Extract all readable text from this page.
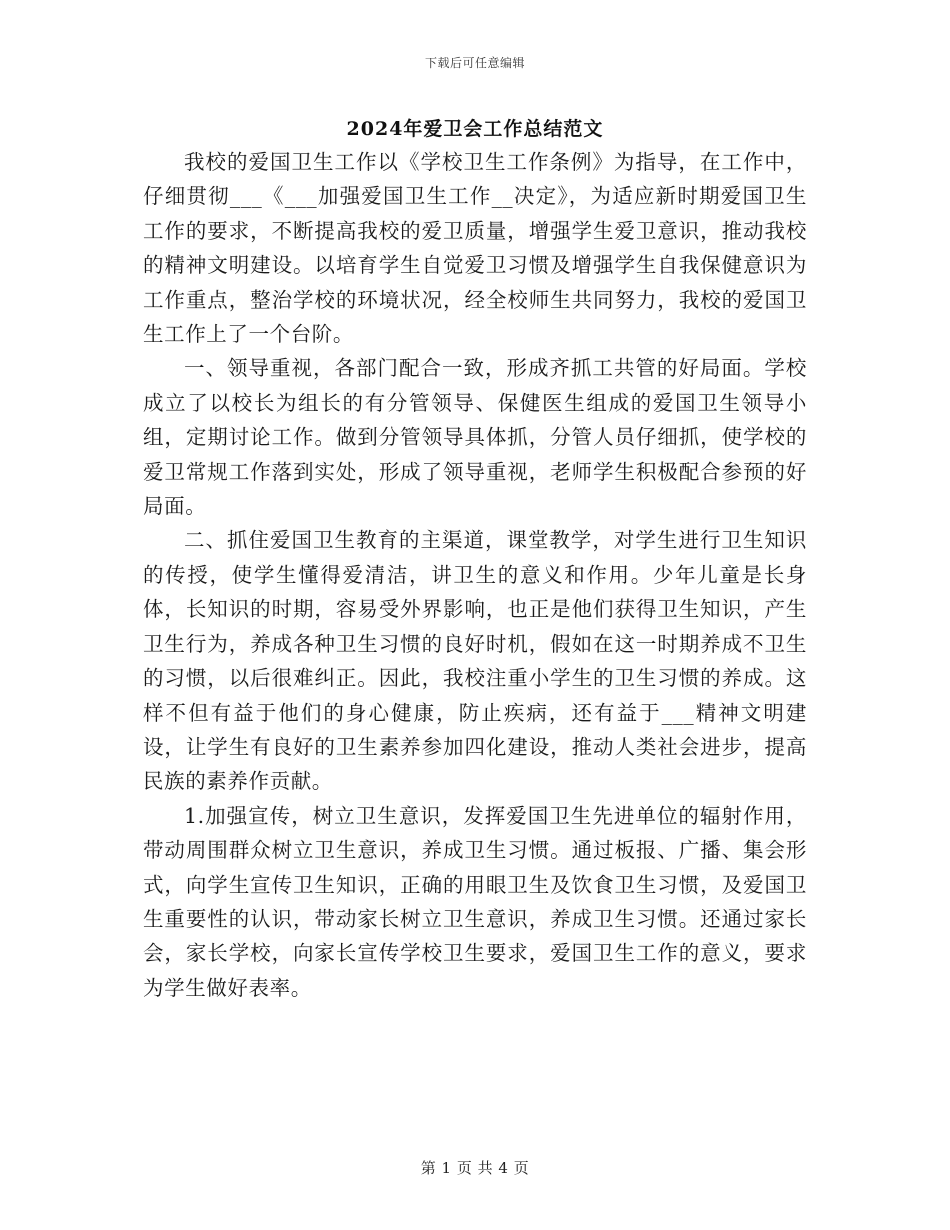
下载后可任意编辑
2024年爱卫会工作总结范文

我校的爱国卫生工作以《学校卫生工作条例》为指导，在工作中，仔细贯彻___《___加强爱国卫生工作__决定》，为适应新时期爱国卫生工作的要求，不断提高我校的爱卫质量，增强学生爱卫意识，推动我校的精神文明建设。以培育学生自觉爱卫习惯及增强学生自我保健意识为工作重点，整治学校的环境状况，经全校师生共同努力，我校的爱国卫生工作上了一个台阶。

一、领导重视，各部门配合一致，形成齐抓工共管的好局面。学校成立了以校长为组长的有分管领导、保健医生组成的爱国卫生领导小组，定期讨论工作。做到分管领导具体抓，分管人员仔细抓，使学校的爱卫常规工作落到实处，形成了领导重视，老师学生积极配合参预的好局面。

二、抓住爱国卫生教育的主渠道，课堂教学，对学生进行卫生知识的传授，使学生懂得爱清洁，讲卫生的意义和作用。少年儿童是长身体，长知识的时期，容易受外界影响，也正是他们获得卫生知识，产生卫生行为，养成各种卫生习惯的良好时机，假如在这一时期养成不卫生的习惯，以后很难纠正。因此，我校注重小学生的卫生习惯的养成。这样不但有益于他们的身心健康，防止疾病，还有益于___精神文明建设，让学生有良好的卫生素养参加四化建设，推动人类社会进步，提高民族的素养作贡献。

1.加强宣传，树立卫生意识，发挥爱国卫生先进单位的辐射作用，带动周围群众树立卫生意识，养成卫生习惯。通过板报、广播、集会形式，向学生宣传卫生知识，正确的用眼卫生及饮食卫生习惯，及爱国卫生重要性的认识，带动家长树立卫生意识，养成卫生习惯。还通过家长会，家长学校，向家长宣传学校卫生要求，爱国卫生工作的意义，要求为学生做好表率。

第 1 页 共 4 页
